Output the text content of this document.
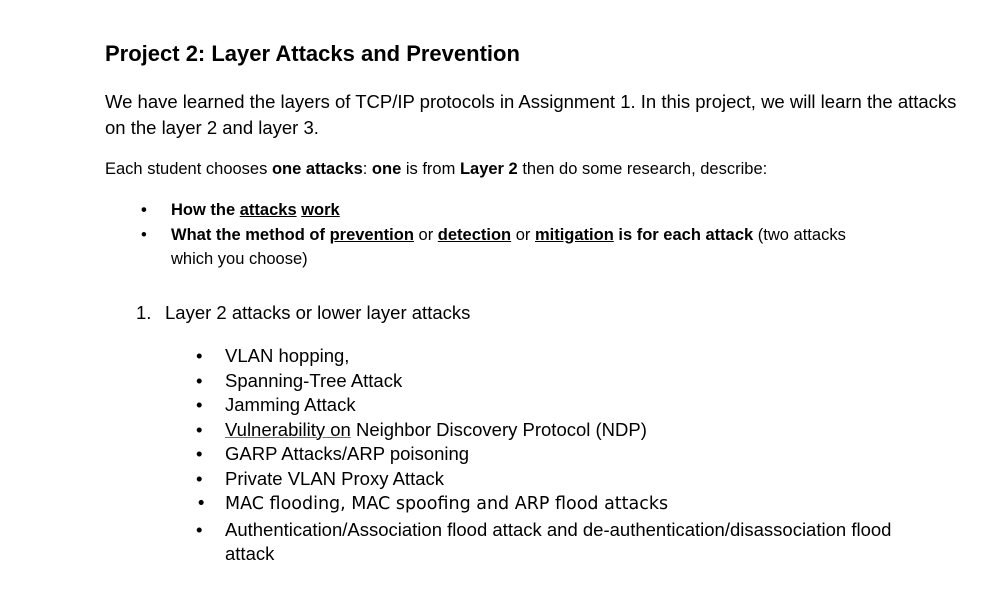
Project 2: Layer Attacks and Prevention

We have learned the layers of TCP/IP protocols in Assignment 1. In this project, we will learn the attacks on the layer 2 and layer 3.

Each student chooses one attacks: one is from Layer 2 then do some research, describe:

• How the attacks work
• What the method of prevention or detection or mitigation is for each attack (two attacks which you choose)
1. Layer 2 attacks or lower layer attacks
• VLAN hopping,
• Spanning-Tree Attack
• Jamming Attack
• Vulnerability on Neighbor Discovery Protocol (NDP)
• GARP Attacks/ARP poisoning
• Private VLAN Proxy Attack
• MAC flooding, MAC spoofing and ARP flood attacks
• Authentication/Association flood attack and de-authentication/disassociation flood attack
